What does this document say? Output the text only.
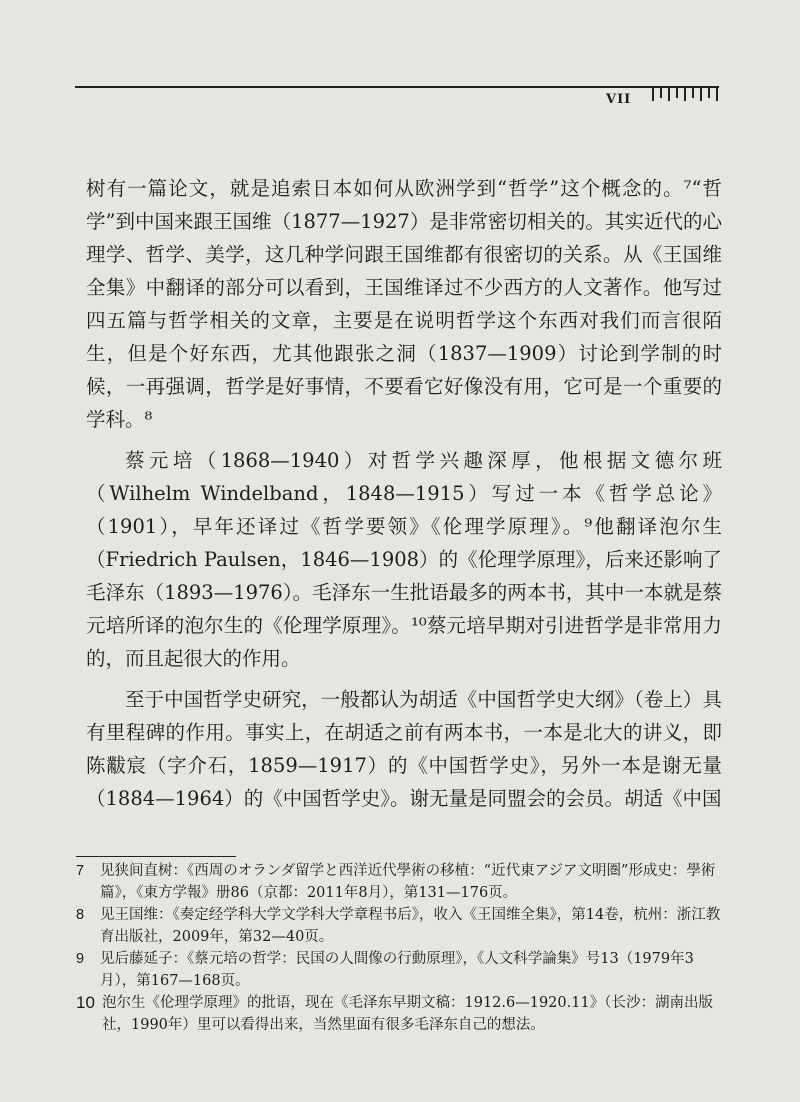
VII

树有一篇论文，就是追索日本如何从欧洲学到“哲学”这个概念的。⁷“哲学”到中国来跟王国维（1877—1927）是非常密切相关的。其实近代的心理学、哲学、美学，这几种学问跟王国维都有很密切的关系。从《王国维全集》中翻译的部分可以看到，王国维译过不少西方的人文著作。他写过四五篇与哲学相关的文章，主要是在说明哲学这个东西对我们而言很陌生，但是个好东西，尤其他跟张之洞（1837—1909）讨论到学制的时候，一再强调，哲学是好事情，不要看它好像没有用，它可是一个重要的学科。⁸

蔡元培（1868—1940）对哲学兴趣深厚，他根据文德尔班（Wilhelm Windelband，1848—1915）写过一本《哲学总论》（1901），早年还译过《哲学要领》《伦理学原理》。⁹他翻译泡尔生（Friedrich Paulsen，1846—1908）的《伦理学原理》，后来还影响了毛泽东（1893—1976）。毛泽东一生批语最多的两本书，其中一本就是蔡元培所译的泡尔生的《伦理学原理》。¹⁰蔡元培早期对引进哲学是非常用力的，而且起很大的作用。

至于中国哲学史研究，一般都认为胡适《中国哲学史大纲》（卷上）具有里程碑的作用。事实上，在胡适之前有两本书，一本是北大的讲义，即陈黻宸（字介石，1859—1917）的《中国哲学史》，另外一本是谢无量（1884—1964）的《中国哲学史》。谢无量是同盟会的会员。胡适《中国

7	见狭间直树：《西周のオランダ留学と西洋近代學術の移植：“近代東アジア文明圏”形成史：學術篇》，《東方学報》册86（京都：2011年8月），第131—176页。
8	见王国维：《奏定经学科大学文学科大学章程书后》，收入《王国维全集》，第14卷，杭州：浙江教育出版社，2009年，第32—40页。
9	见后藤延子：《蔡元培の哲学：民国の人間像の行動原理》，《人文科学論集》号13（1979年3月），第167—168页。
10 泡尔生《伦理学原理》的批语，现在《毛泽东早期文稿：1912.6—1920.11》（长沙：湖南出版社，1990年）里可以看得出来，当然里面有很多毛泽东自己的想法。
